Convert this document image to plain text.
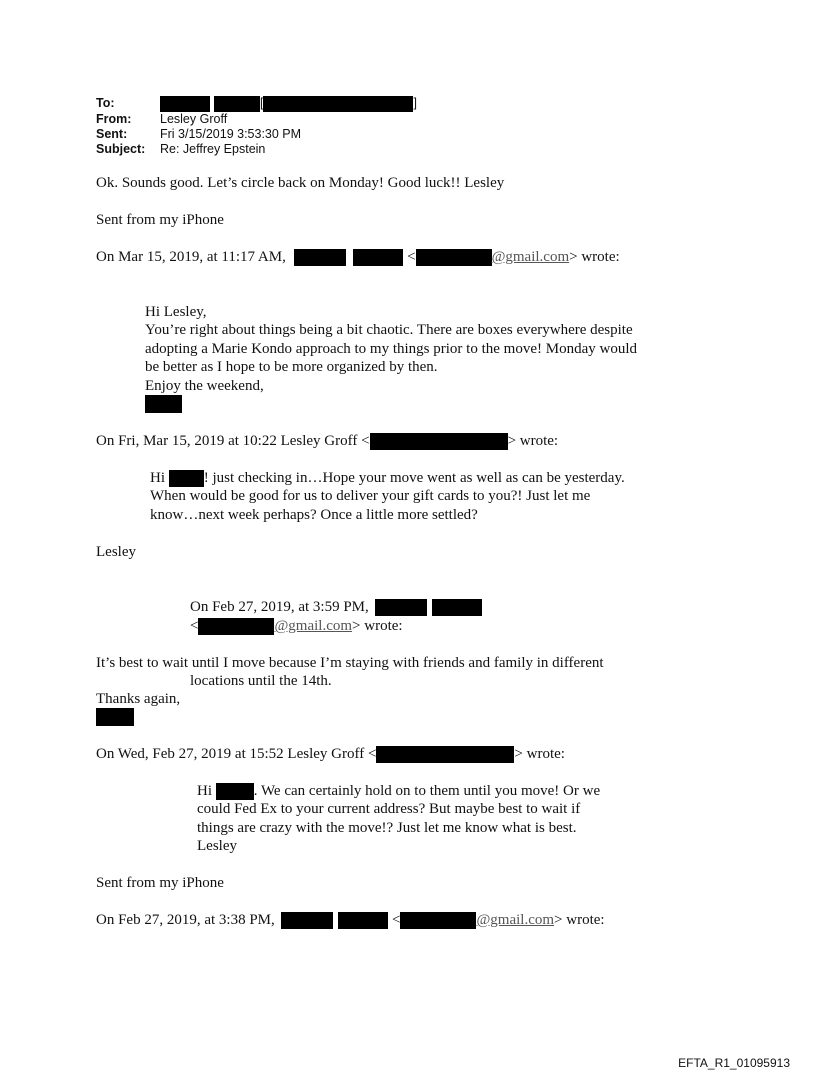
To:	[	]
From:	Lesley Groff
Sent:	Fri 3/15/2019 3:53:30 PM
Subject:	Re: Jeffrey Epstein
Ok. Sounds good. Let’s circle back on Monday! Good luck!! Lesley
Sent from my iPhone
On Mar 15, 2019, at 11:17 AM,	<	@gmail.com> wrote:
Hi Lesley,
You’re right about things being a bit chaotic. There are boxes everywhere despite
adopting a Marie Kondo approach to my things prior to the move! Monday would
be better as I hope to be more organized by then.
Enjoy the weekend,
On Fri, Mar 15, 2019 at 10:22 Lesley Groff <	> wrote:
Hi	! just checking in…Hope your move went as well as can be yesterday.
When would be good for us to deliver your gift cards to you?! Just let me
know…next week perhaps? Once a little more settled?
Lesley
On Feb 27, 2019, at 3:59 PM,
<	@gmail.com> wrote:
It’s best to wait until I move because I’m staying with friends and family in different
locations until the 14th.
Thanks again,
On Wed, Feb 27, 2019 at 15:52 Lesley Groff <	> wrote:
Hi	. We can certainly hold on to them until you move! Or we
could Fed Ex to your current address? But maybe best to wait if
things are crazy with the move!? Just let me know what is best.
Lesley
Sent from my iPhone
On Feb 27, 2019, at 3:38 PM,	<	@gmail.com> wrote:
EFTA_R1_01095913
